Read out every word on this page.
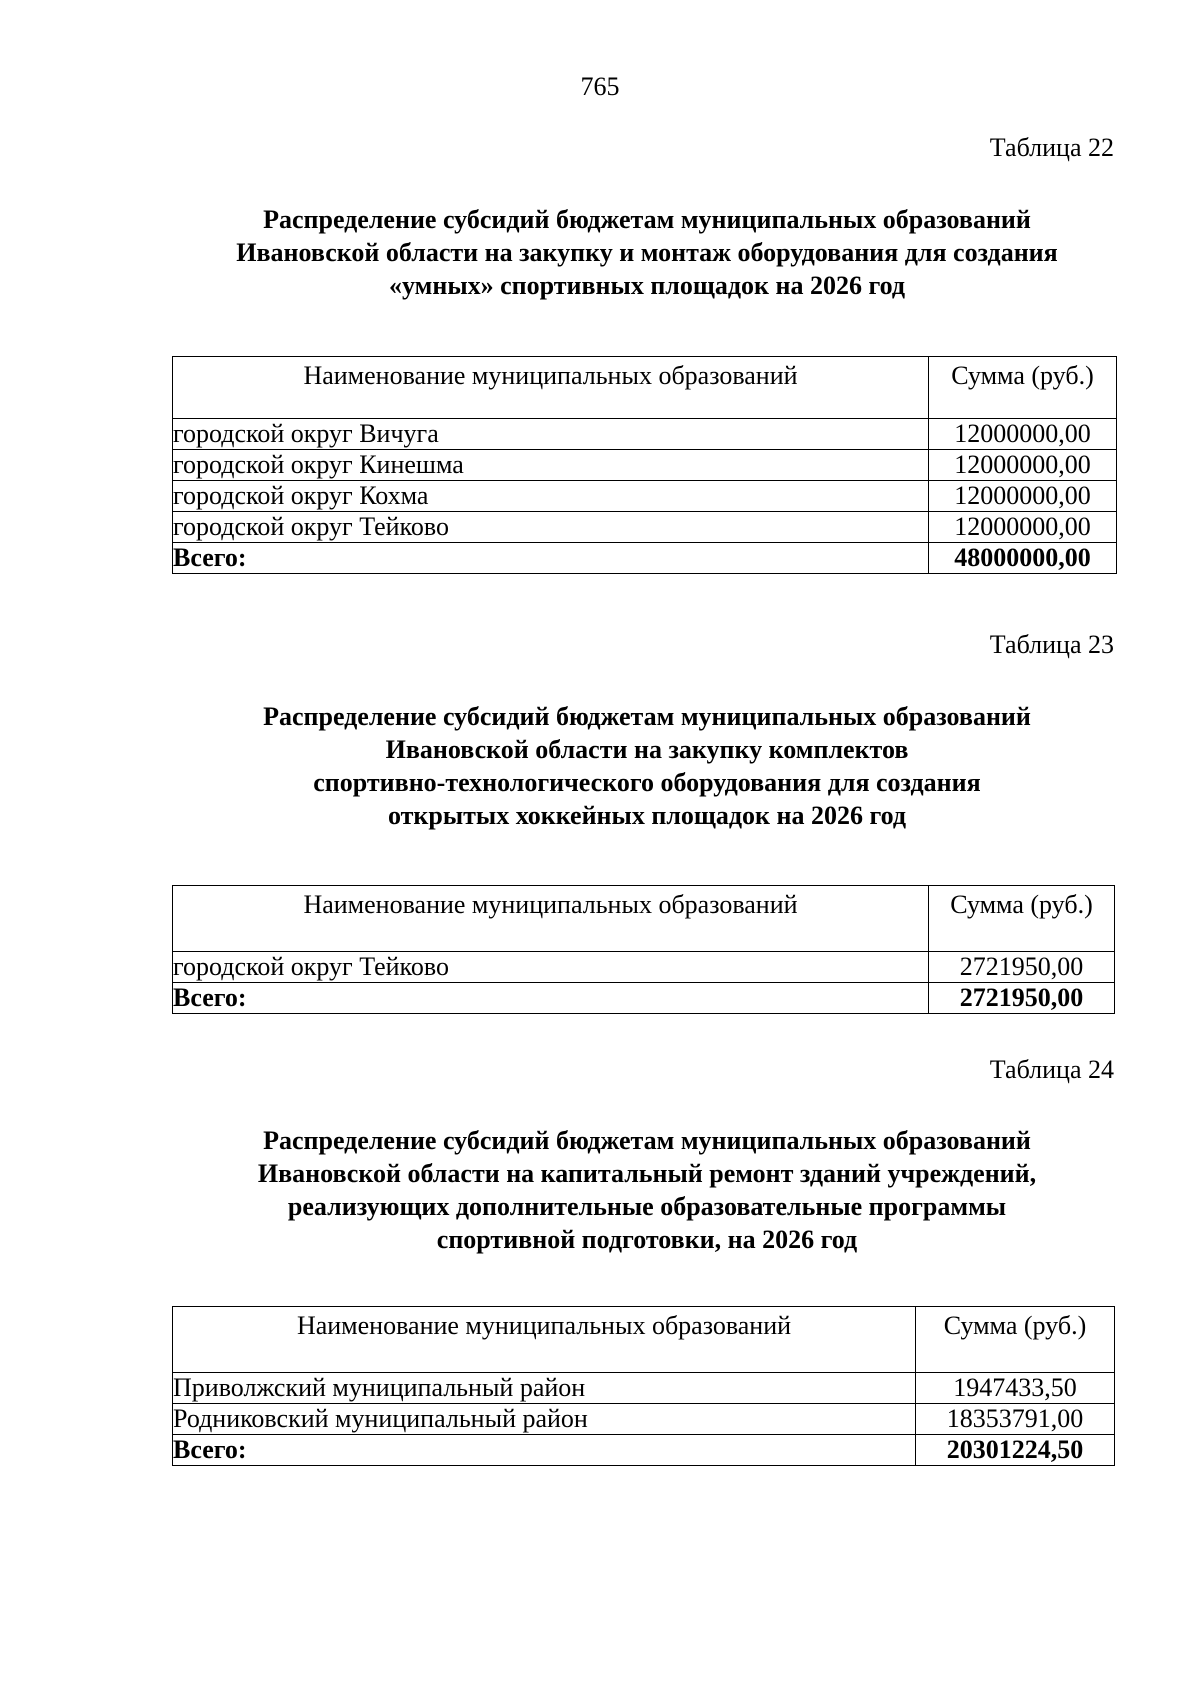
765
Таблица 22
Распределение субсидий бюджетам муниципальных образований
Ивановской области на закупку и монтаж оборудования для создания
«умных» спортивных площадок на 2026 год
Наименование муниципальных образований	Сумма (руб.)
городской округ Вичуга	12000000,00
городской округ Кинешма	12000000,00
городской округ Кохма	12000000,00
городской округ Тейково	12000000,00
Всего:	48000000,00
Таблица 23
Распределение субсидий бюджетам муниципальных образований
Ивановской области на закупку комплектов
спортивно-технологического оборудования для создания
открытых хоккейных площадок на 2026 год
Наименование муниципальных образований	Сумма (руб.)
городской округ Тейково	2721950,00
Всего:	2721950,00
Таблица 24
Распределение субсидий бюджетам муниципальных образований
Ивановской области на капитальный ремонт зданий учреждений,
реализующих дополнительные образовательные программы
спортивной подготовки, на 2026 год
Наименование муниципальных образований	Сумма (руб.)
Приволжский муниципальный район	1947433,50
Родниковский муниципальный район	18353791,00
Всего:	20301224,50
